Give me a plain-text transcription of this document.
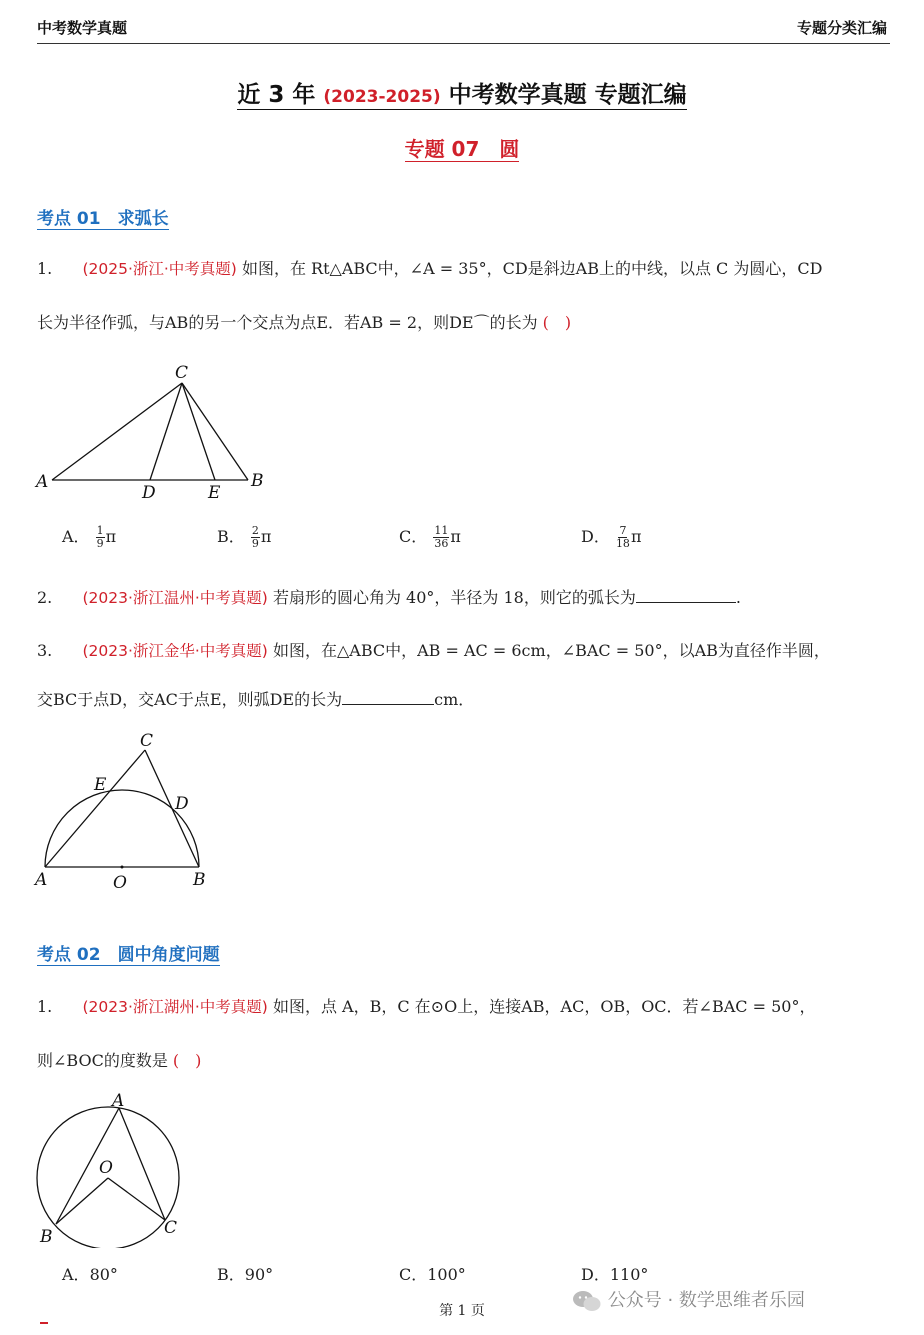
中考数学真题	专题分类汇编
近 3 年 (2023-2025) 中考数学真题 专题汇编
专题 07　圆
考点 01　求弧长
1. (2025·浙江·中考真题) 如图，在 Rt△ABC中，∠A = 35°，CD是斜边AB上的中线，以点 C 为圆心，CD
长为半径作弧，与AB的另一个交点为点E．若AB = 2，则DE⌒的长为 (　)
C
A
D	E
B
A． $\frac{1}{9}$ π	B． $\frac{2}{9}$ π	C． $\frac{11}{36}$ π	D． $\frac{7}{18}$ π
2. (2023·浙江温州·中考真题) 若扇形的圆心角为 40°，半径为 18，则它的弧长为	.
3. (2023·浙江金华·中考真题) 如图，在△ABC中，AB = AC = 6cm，∠BAC = 50°，以AB为直径作半圆，
交BC于点D，交AC于点E，则弧DE的长为	cm．
C
E
D
A	O	B
考点 02　圆中角度问题
1. (2023·浙江湖州·中考真题) 如图，点 A，B，C 在⊙O上，连接AB，AC，OB，OC．若∠BAC = 50°，
则∠BOC的度数是 (　)
A
O
B	C
A．80°	B．90°	C．100°	D．110°
第 1 页	公众号 · 数学思维者乐园
